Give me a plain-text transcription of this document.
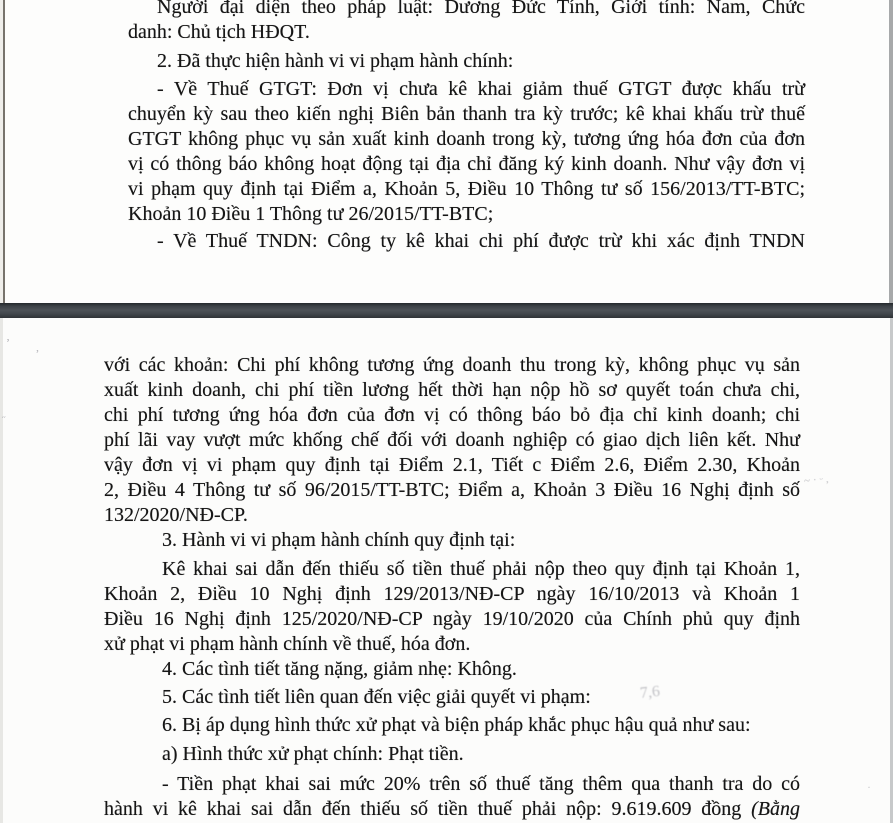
Người đại diện theo pháp luật: Dương Đức Tính, Giới tính: Nam, Chức
danh: Chủ tịch HĐQT.
2. Đã thực hiện hành vi vi phạm hành chính:
- Về Thuế GTGT: Đơn vị chưa kê khai giảm thuế GTGT được khấu trừ
chuyển kỳ sau theo kiến nghị Biên bản thanh tra kỳ trước; kê khai khấu trừ thuế
GTGT không phục vụ sản xuất kinh doanh trong kỳ, tương ứng hóa đơn của đơn
vị có thông báo không hoạt động tại địa chỉ đăng ký kinh doanh. Như vậy đơn vị
vi phạm quy định tại Điểm a, Khoản 5, Điều 10 Thông tư số 156/2013/TT-BTC;
Khoản 10 Điều 1 Thông tư 26/2015/TT-BTC;
- Về Thuế TNDN: Công ty kê khai chi phí được trừ khi xác định TNDN
với các khoản: Chi phí không tương ứng doanh thu trong kỳ, không phục vụ sản
xuất kinh doanh, chi phí tiền lương hết thời hạn nộp hồ sơ quyết toán chưa chi,
chi phí tương ứng hóa đơn của đơn vị có thông báo bỏ địa chỉ kinh doanh; chi
phí lãi vay vượt mức khống chế đối với doanh nghiệp có giao dịch liên kết. Như
vậy đơn vị vi phạm quy định tại Điểm 2.1, Tiết c Điểm 2.6, Điểm 2.30, Khoản
2, Điều 4 Thông tư số 96/2015/TT-BTC; Điểm a, Khoản 3 Điều 16 Nghị định số
132/2020/NĐ-CP.
3. Hành vi vi phạm hành chính quy định tại:
Kê khai sai dẫn đến thiếu số tiền thuế phải nộp theo quy định tại Khoản 1,
Khoản 2, Điều 10 Nghị định 129/2013/NĐ-CP ngày 16/10/2013 và Khoản 1
Điều 16 Nghị định 125/2020/NĐ-CP ngày 19/10/2020 của Chính phủ quy định
xử phạt vi phạm hành chính về thuế, hóa đơn.
4. Các tình tiết tăng nặng, giảm nhẹ: Không.
5. Các tình tiết liên quan đến việc giải quyết vi phạm:
6. Bị áp dụng hình thức xử phạt và biện pháp khắc phục hậu quả như sau:
a) Hình thức xử phạt chính: Phạt tiền.
- Tiền phạt khai sai mức 20% trên số thuế tăng thêm qua thanh tra do có
hành vi kê khai sai dẫn đến thiếu số tiền thuế phải nộp: 9.619.609 đồng (Bằng
ʼ ,
˶
~·ᵕ,
7,6
·
